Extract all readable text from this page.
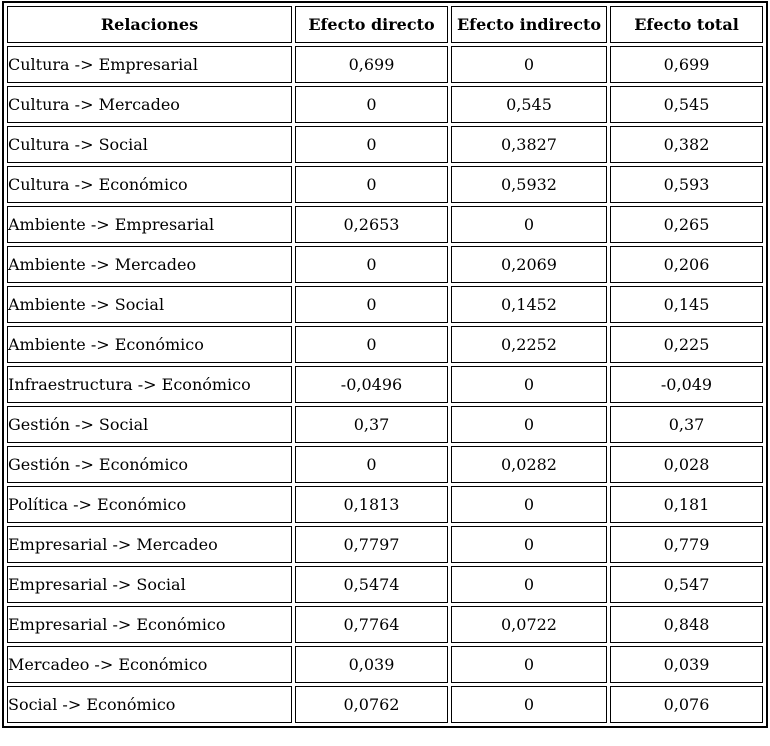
Relaciones	Efecto directo	Efecto indirecto	Efecto total
Cultura -> Empresarial	0,699	0	0,699
Cultura -> Mercadeo	0	0,545	0,545
Cultura -> Social	0	0,3827	0,382
Cultura -> Económico	0	0,5932	0,593
Ambiente -> Empresarial	0,2653	0	0,265
Ambiente -> Mercadeo	0	0,2069	0,206
Ambiente -> Social	0	0,1452	0,145
Ambiente -> Económico	0	0,2252	0,225
Infraestructura -> Económico	-0,0496	0	-0,049
Gestión -> Social	0,37	0	0,37
Gestión -> Económico	0	0,0282	0,028
Política -> Económico	0,1813	0	0,181
Empresarial -> Mercadeo	0,7797	0	0,779
Empresarial -> Social	0,5474	0	0,547
Empresarial -> Económico	0,7764	0,0722	0,848
Mercadeo -> Económico	0,039	0	0,039
Social -> Económico	0,0762	0	0,076
